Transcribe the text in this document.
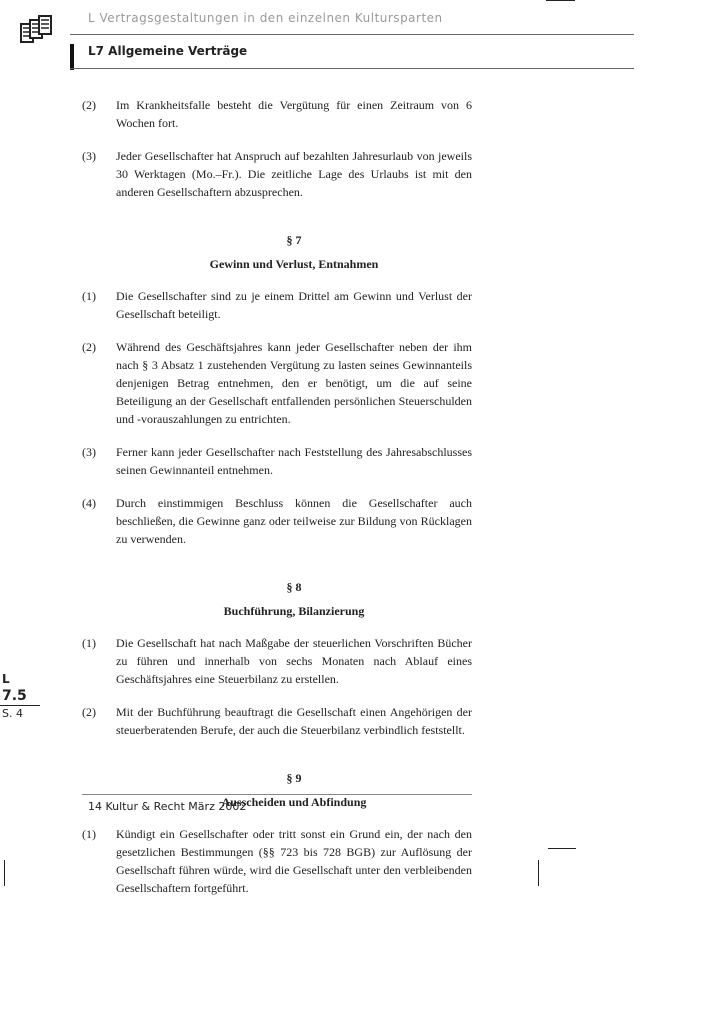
L Vertragsgestaltungen in den einzelnen Kultursparten
L7 Allgemeine Verträge
(2) Im Krankheitsfalle besteht die Vergütung für einen Zeitraum von 6 Wochen fort.
(3) Jeder Gesellschafter hat Anspruch auf bezahlten Jahresurlaub von jeweils 30 Werktagen (Mo.–Fr.). Die zeitliche Lage des Urlaubs ist mit den anderen Gesellschaftern abzusprechen.
§ 7
Gewinn und Verlust, Entnahmen
(1) Die Gesellschafter sind zu je einem Drittel am Gewinn und Verlust der Gesellschaft beteiligt.
(2) Während des Geschäftsjahres kann jeder Gesellschafter neben der ihm nach § 3 Absatz 1 zustehenden Vergütung zu lasten seines Gewinnanteils denjenigen Betrag entnehmen, den er benötigt, um die auf seine Beteiligung an der Gesellschaft entfallenden persönlichen Steuerschulden und -vorauszahlungen zu entrichten.
(3) Ferner kann jeder Gesellschafter nach Feststellung des Jahresabschlusses seinen Gewinnanteil entnehmen.
(4) Durch einstimmigen Beschluss können die Gesellschafter auch beschließen, die Gewinne ganz oder teilweise zur Bildung von Rücklagen zu verwenden.
§ 8
Buchführung, Bilanzierung
(1) Die Gesellschaft hat nach Maßgabe der steuerlichen Vorschriften Bücher zu führen und innerhalb von sechs Monaten nach Ablauf eines Geschäftsjahres eine Steuerbilanz zu erstellen.
(2) Mit der Buchführung beauftragt die Gesellschaft einen Angehörigen der steuerberatenden Berufe, der auch die Steuerbilanz verbindlich feststellt.
§ 9
Ausscheiden und Abfindung
(1) Kündigt ein Gesellschafter oder tritt sonst ein Grund ein, der nach den gesetzlichen Bestimmungen (§§ 723 bis 728 BGB) zur Auflösung der Gesellschaft führen würde, wird die Gesellschaft unter den verbleibenden Gesellschaftern fortgeführt.
14 Kultur & Recht März 2002
L
7.5
S. 4
